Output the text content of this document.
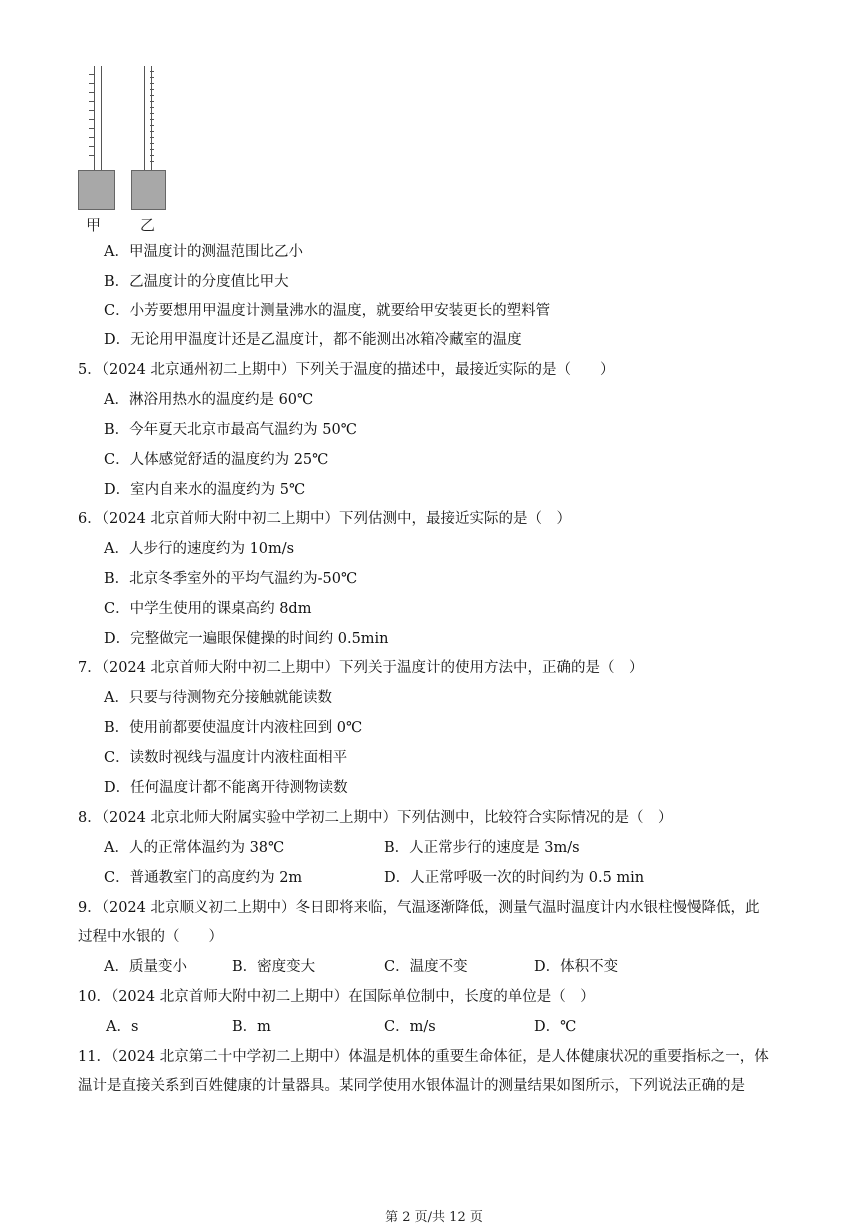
甲	乙
A．甲温度计的测温范围比乙小
B．乙温度计的分度值比甲大
C．小芳要想用甲温度计测量沸水的温度，就要给甲安装更长的塑料管
D．无论用甲温度计还是乙温度计，都不能测出冰箱冷藏室的温度
5．（2024 北京通州初二上期中）下列关于温度的描述中，最接近实际的是（　　）
A．淋浴用热水的温度约是 60℃
B．今年夏天北京市最高气温约为 50℃
C．人体感觉舒适的温度约为 25℃
D．室内自来水的温度约为 5℃
6．（2024 北京首师大附中初二上期中）下列估测中，最接近实际的是（　）
A．人步行的速度约为 10m/s
B．北京冬季室外的平均气温约为-50℃
C．中学生使用的课桌高约 8dm
D．完整做完一遍眼保健操的时间约 0.5min
7．（2024 北京首师大附中初二上期中）下列关于温度计的使用方法中，正确的是（　）
A．只要与待测物充分接触就能读数
B．使用前都要使温度计内液柱回到 0℃
C．读数时视线与温度计内液柱面相平
D．任何温度计都不能离开待测物读数
8．（2024 北京北师大附属实验中学初二上期中）下列估测中，比较符合实际情况的是（　）
A．人的正常体温约为 38℃	B．人正常步行的速度是 3m/s
C．普通教室门的高度约为 2m	D．人正常呼吸一次的时间约为 0.5 min
9．（2024 北京顺义初二上期中）冬日即将来临，气温逐渐降低，测量气温时温度计内水银柱慢慢降低，此
过程中水银的（　　）
A．质量变小	B．密度变大	C．温度不变	D．体积不变
10．（2024 北京首师大附中初二上期中）在国际单位制中，长度的单位是（　）
A．s	B．m	C．m/s	D．℃
11．（2024 北京第二十中学初二上期中）体温是机体的重要生命体征，是人体健康状况的重要指标之一，体
温计是直接关系到百姓健康的计量器具。某同学使用水银体温计的测量结果如图所示，下列说法正确的是
第 2 页/共 12 页
